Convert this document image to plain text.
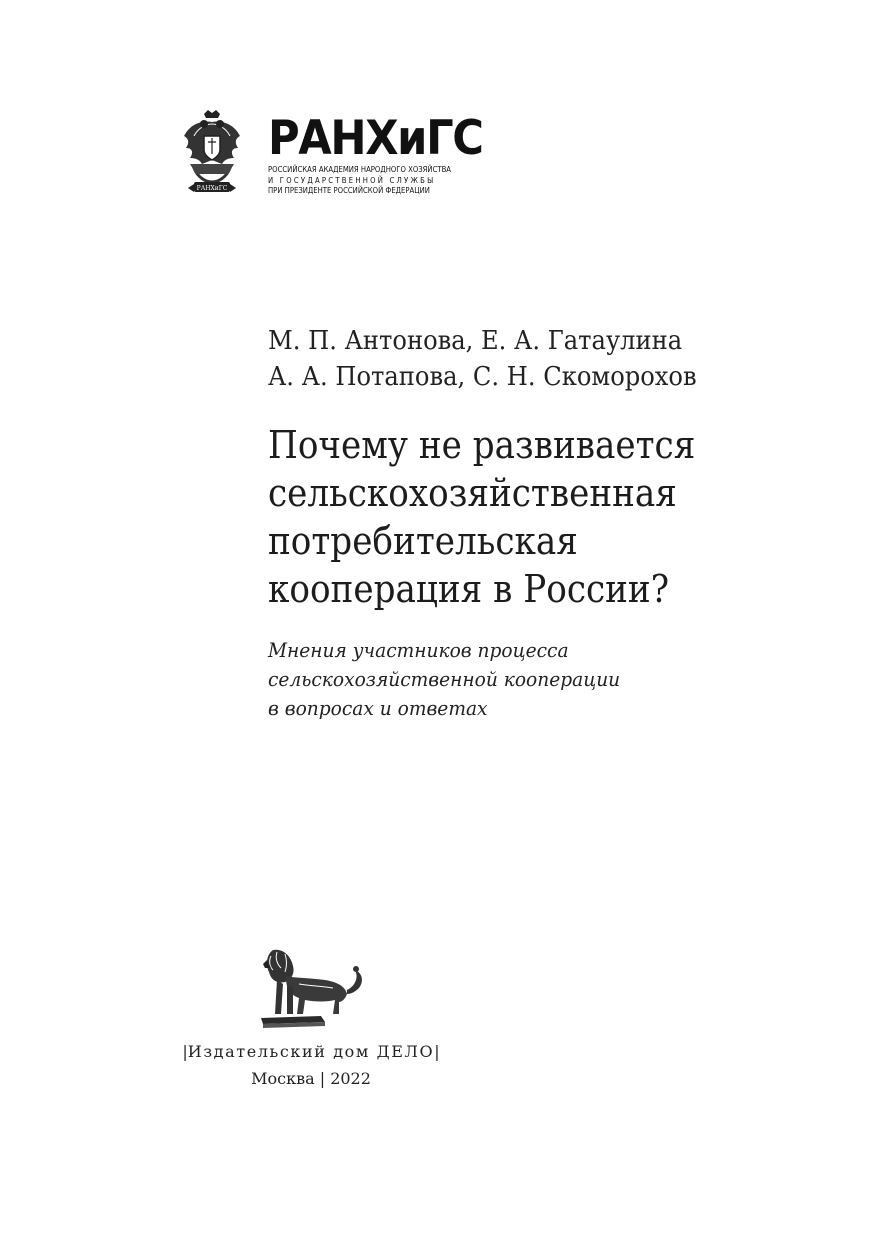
РАНХиГС
РАНХиГС
РОССИЙСКАЯ АКАДЕМИЯ НАРОДНОГО ХОЗЯЙСТВА
И ГОСУДАРСТВЕННОЙ СЛУЖБЫ
ПРИ ПРЕЗИДЕНТЕ РОССИЙСКОЙ ФЕДЕРАЦИИ
М. П. Антонова, Е. А. Гатаулина
А. А. Потапова, С. Н. Скоморохов
Почему не развивается
сельскохозяйственная
потребительская
кооперация в России?
Мнения участников процесса
сельскохозяйственной кооперации
в вопросах и ответах
|Издательский дом ДЕЛО|
Москва | 2022
